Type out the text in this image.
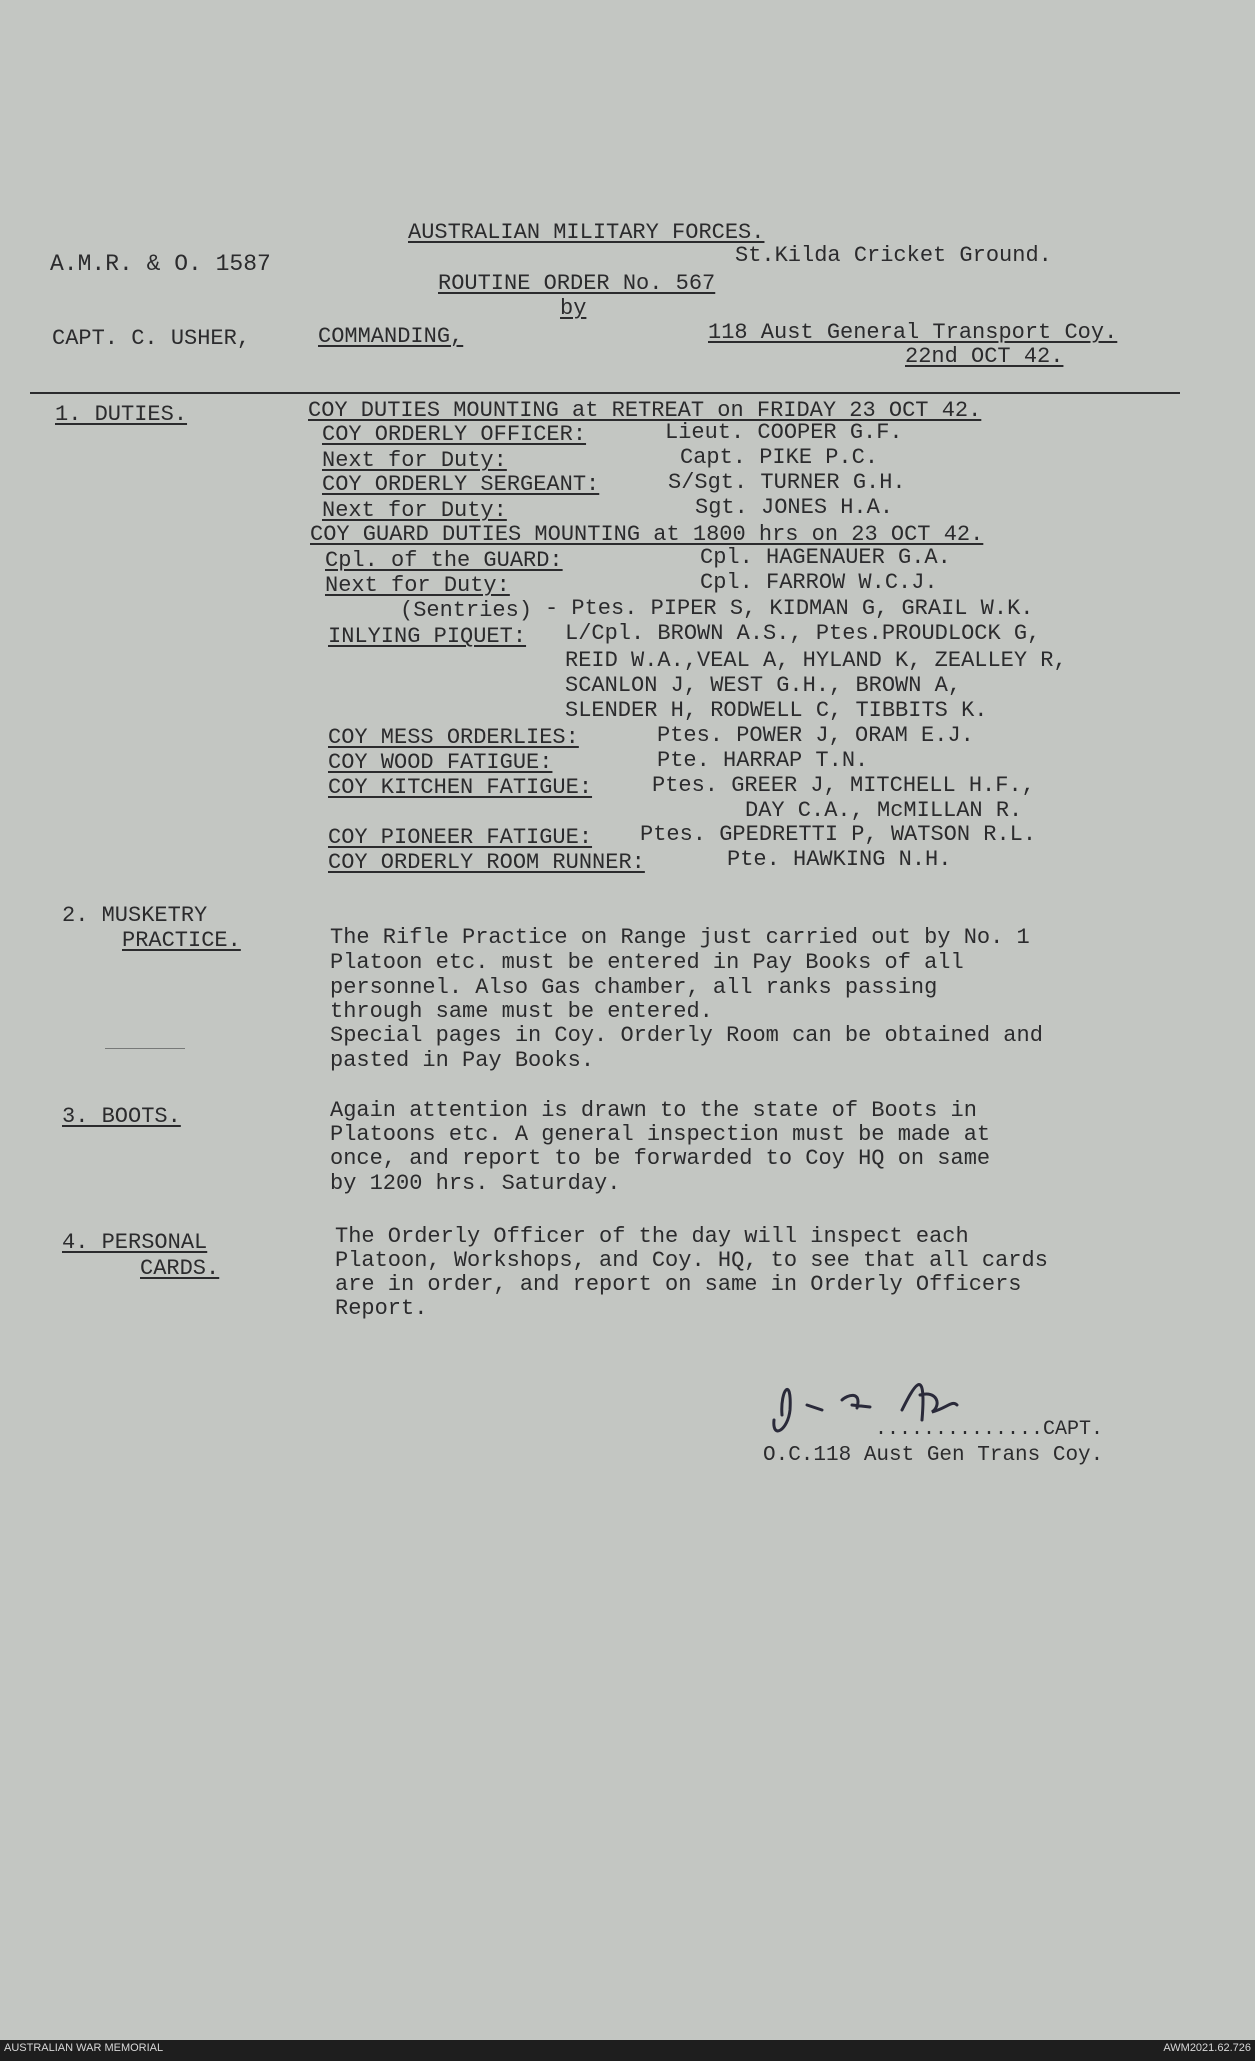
A.M.R. & O. 1587
AUSTRALIAN MILITARY FORCES.
St.Kilda Cricket Ground.
ROUTINE ORDER No. 567
by
CAPT. C. USHER,	COMMANDING,	118 Aust General Transport Coy.
22nd OCT 42.
1. DUTIES.	COY DUTIES MOUNTING at RETREAT on FRIDAY 23 OCT 42.
COY ORDERLY OFFICER:	Lieut. COOPER G.F.
Next for Duty:	Capt. PIKE P.C.
COY ORDERLY SERGEANT:	S/Sgt. TURNER G.H.
Next for Duty:	Sgt. JONES H.A.
COY GUARD DUTIES MOUNTING at 1800 hrs on 23 OCT 42.
Cpl. of the GUARD:	Cpl. HAGENAUER G.A.
Next for Duty:	Cpl. FARROW W.C.J.
(Sentries) - Ptes. PIPER S, KIDMAN G, GRAIL W.K.
INLYING PIQUET: L/Cpl. BROWN A.S., Ptes.PROUDLOCK G,
REID W.A.,VEAL A, HYLAND K, ZEALLEY R,
SCANLON J, WEST G.H., BROWN A,
SLENDER H, RODWELL C, TIBBITS K.
COY MESS ORDERLIES:	Ptes. POWER J, ORAM E.J.
COY WOOD FATIGUE:	Pte. HARRAP T.N.
COY KITCHEN FATIGUE:	Ptes. GREER J, MITCHELL H.F.,
DAY C.A., McMILLAN R.
COY PIONEER FATIGUE: Ptes. GPEDRETTI P, WATSON R.L.
COY ORDERLY ROOM RUNNER:	Pte. HAWKING N.H.
2. MUSKETRY
PRACTICE.	The Rifle Practice on Range just carried out by No. 1
Platoon etc. must be entered in Pay Books of all
personnel. Also Gas chamber, all ranks passing
through same must be entered.
Special pages in Coy. Orderly Room can be obtained and
pasted in Pay Books.
3. BOOTS.	Again attention is drawn to the state of Boots in
Platoons etc. A general inspection must be made at
once, and report to be forwarded to Coy HQ on same
by 1200 hrs. Saturday.
4. PERSONAL
CARDS.
The Orderly Officer of the day will inspect each
Platoon, Workshops, and Coy. HQ, to see that all cards
are in order, and report on same in Orderly Officers
Report.
..............CAPT.
O.C.118 Aust Gen Trans Coy.
AUSTRALIAN WAR MEMORIAL	AWM2021.62.726
